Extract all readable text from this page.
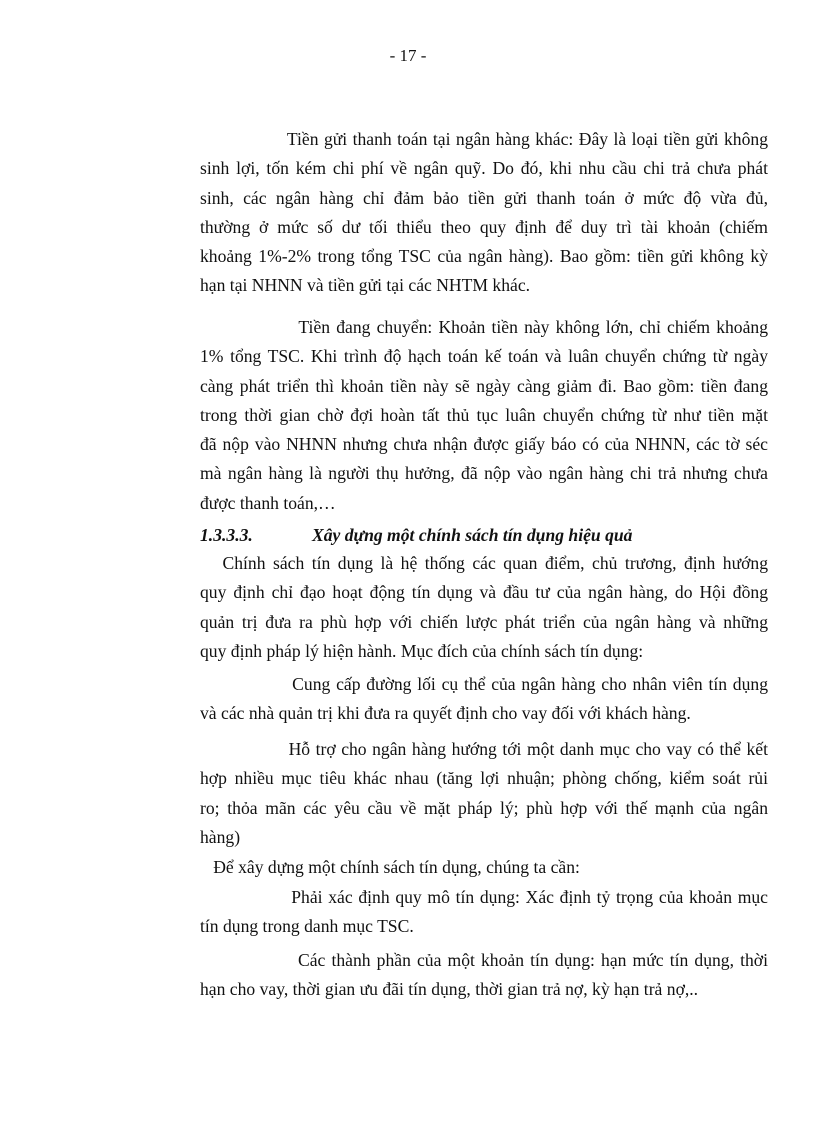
- 17 -
Tiền gửi thanh toán tại ngân hàng khác: Đây là loại tiền gửi không
sinh lợi, tốn kém chi phí về ngân quỹ. Do đó, khi nhu cầu chi trả chưa phát
sinh, các ngân hàng chỉ đảm bảo tiền gửi thanh toán ở mức độ vừa đủ,
thường ở mức số dư tối thiểu theo quy định để duy trì tài khoản (chiếm
khoảng 1%-2% trong tổng TSC của ngân hàng). Bao gồm: tiền gửi không kỳ
hạn tại NHNN và tiền gửi tại các NHTM khác.
Tiền đang chuyển: Khoản tiền này không lớn, chỉ chiếm khoảng
1% tổng TSC. Khi trình độ hạch toán kế toán và luân chuyển chứng từ ngày
càng phát triển thì khoản tiền này sẽ ngày càng giảm đi. Bao gồm: tiền đang
trong thời gian chờ đợi hoàn tất thủ tục luân chuyển chứng từ như tiền mặt
đã nộp vào NHNN nhưng chưa nhận được giấy báo có của NHNN, các tờ séc
mà ngân hàng là người thụ hưởng, đã nộp vào ngân hàng chi trả nhưng chưa
được thanh toán,…
1.3.3.3.	Xây dựng một chính sách tín dụng hiệu quả
Chính sách tín dụng là hệ thống các quan điểm, chủ trương, định hướng
quy định chỉ đạo hoạt động tín dụng và đầu tư của ngân hàng, do Hội đồng
quản trị đưa ra phù hợp với chiến lược phát triển của ngân hàng và những
quy định pháp lý hiện hành. Mục đích của chính sách tín dụng:
Cung cấp đường lối cụ thể của ngân hàng cho nhân viên tín dụng
và các nhà quản trị khi đưa ra quyết định cho vay đối với khách hàng.
Hỗ trợ cho ngân hàng hướng tới một danh mục cho vay có thể kết
hợp nhiều mục tiêu khác nhau (tăng lợi nhuận; phòng chống, kiểm soát rủi
ro; thỏa mãn các yêu cầu về mặt pháp lý; phù hợp với thế mạnh của ngân
hàng)
Để xây dựng một chính sách tín dụng, chúng ta cần:
Phải xác định quy mô tín dụng: Xác định tỷ trọng của khoản mục
tín dụng trong danh mục TSC.
Các thành phần của một khoản tín dụng: hạn mức tín dụng, thời
hạn cho vay, thời gian ưu đãi tín dụng, thời gian trả nợ, kỳ hạn trả nợ,..
